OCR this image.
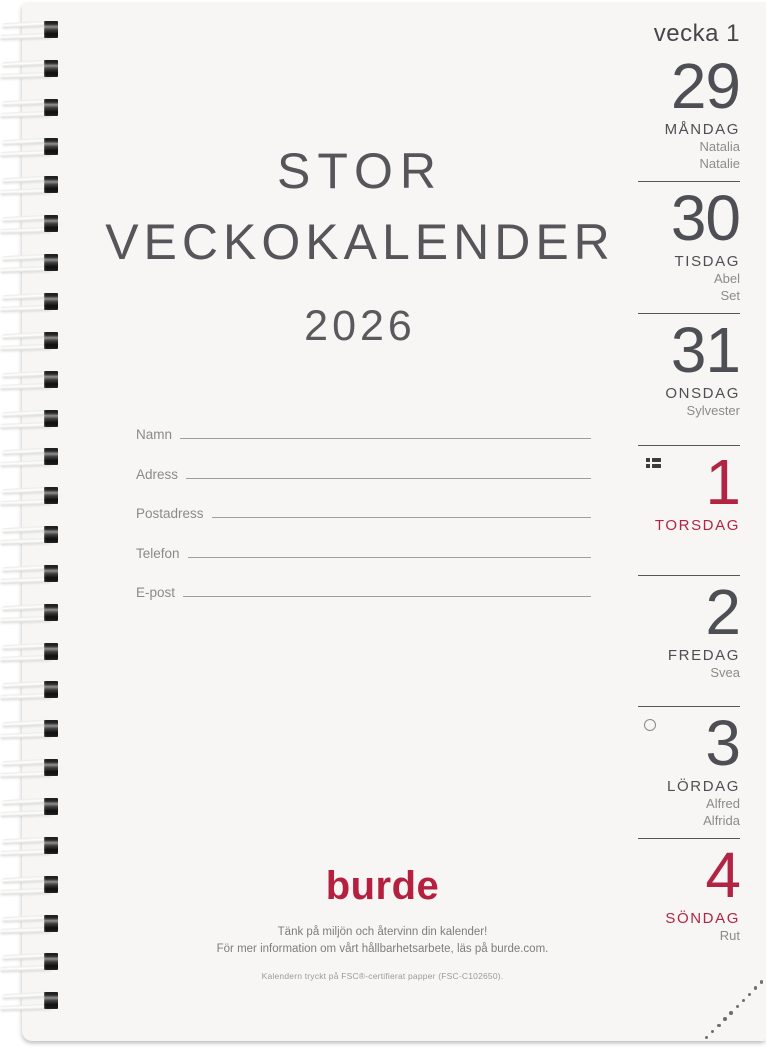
STOR
VECKOKALENDER
2026
Namn
Adress
Postadress
Telefon
E-post
vecka 1
29
MÅNDAG
Natalia
Natalie
30
TISDAG
Abel
Set
31
ONSDAG
Sylvester
1
TORSDAG
2
FREDAG
Svea
3
LÖRDAG
Alfred
Alfrida
4
SÖNDAG
Rut
burde
Tänk på miljön och återvinn din kalender!
För mer information om vårt hållbarhetsarbete, läs på burde.com.
Kalendern tryckt på FSC®-certifierat papper (FSC-C102650).
